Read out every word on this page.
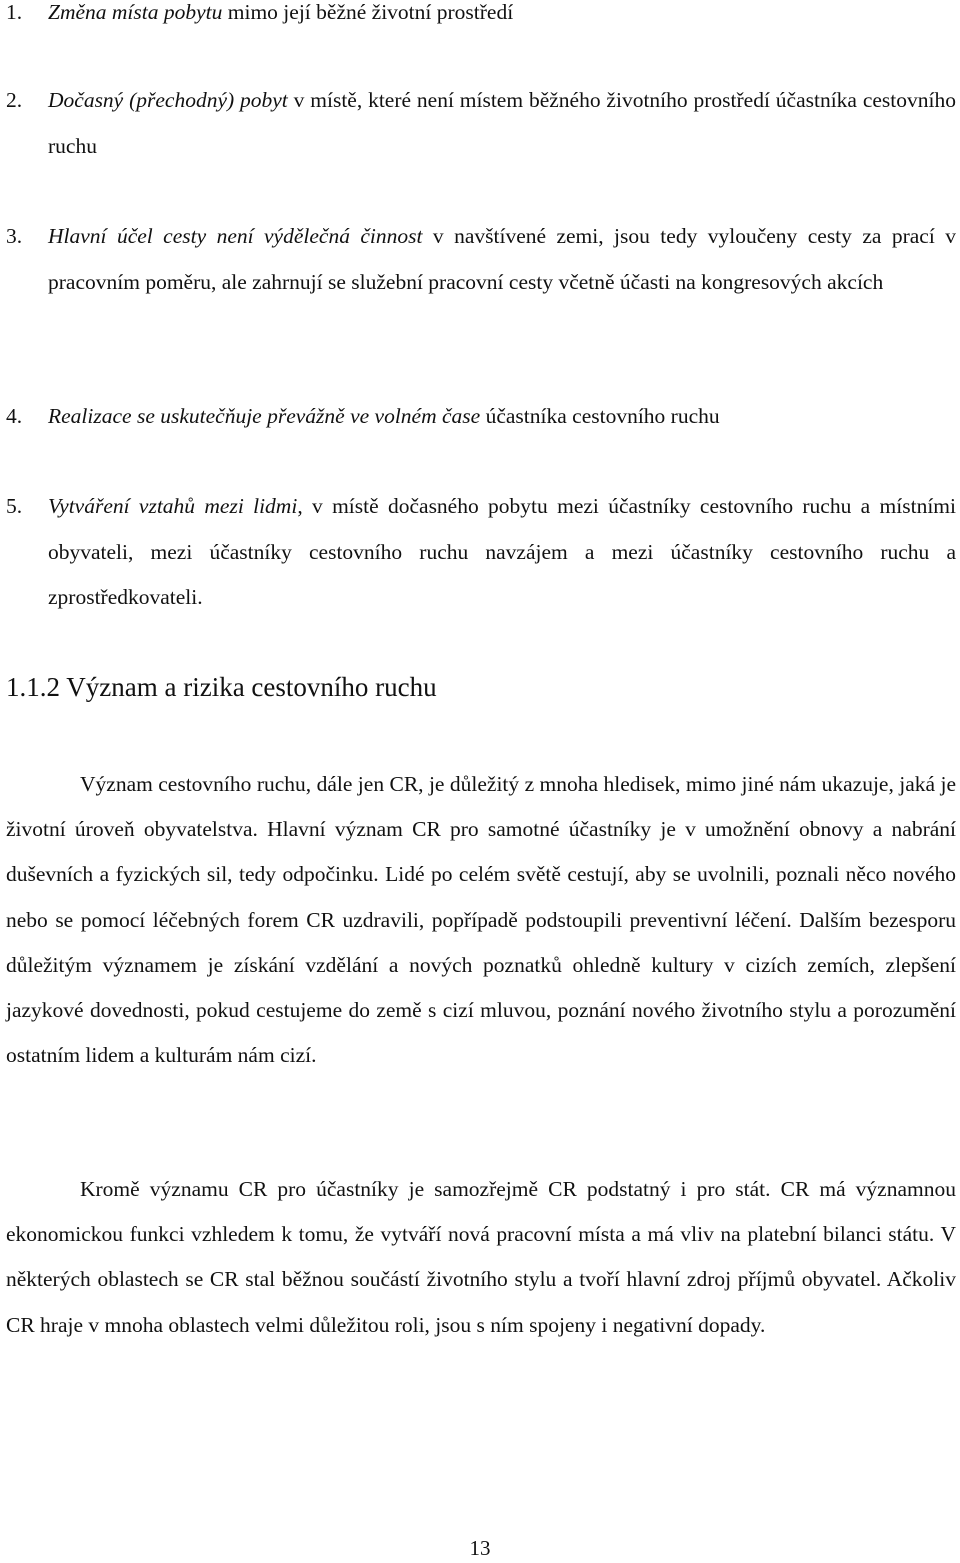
1. Změna místa pobytu mimo její běžné životní prostředí

2. Dočasný (přechodný) pobyt v místě, které není místem běžného životního prostředí účastníka cestovního ruchu

3. Hlavní účel cesty není výdělečná činnost v navštívené zemi, jsou tedy vyloučeny cesty za prací v pracovním poměru, ale zahrnují se služební pracovní cesty včetně účasti na kongresových akcích

4. Realizace se uskutečňuje převážně ve volném čase účastníka cestovního ruchu

5. Vytváření vztahů mezi lidmi, v místě dočasného pobytu mezi účastníky cestovního ruchu a místními obyvateli, mezi účastníky cestovního ruchu navzájem a mezi účastníky cestovního ruchu a zprostředkovateli.

1.1.2 Význam a rizika cestovního ruchu

Význam cestovního ruchu, dále jen CR, je důležitý z mnoha hledisek, mimo jiné nám ukazuje, jaká je životní úroveň obyvatelstva. Hlavní význam CR pro samotné účastníky je v umožnění obnovy a nabrání duševních a fyzických sil, tedy odpočinku. Lidé po celém světě cestují, aby se uvolnili, poznali něco nového nebo se pomocí léčebných forem CR uzdravili, popřípadě podstoupili preventivní léčení. Dalším bezesporu důležitým významem je získání vzdělání a nových poznatků ohledně kultury v cizích zemích, zlepšení jazykové dovednosti, pokud cestujeme do země s cizí mluvou, poznání nového životního stylu a porozumění ostatním lidem a kulturám nám cizí.

Kromě významu CR pro účastníky je samozřejmě CR podstatný i pro stát. CR má významnou ekonomickou funkci vzhledem k tomu, že vytváří nová pracovní místa a má vliv na platební bilanci státu. V některých oblastech se CR stal běžnou součástí životního stylu a tvoří hlavní zdroj příjmů obyvatel. Ačkoliv CR hraje v mnoha oblastech velmi důležitou roli, jsou s ním spojeny i negativní dopady.

13
